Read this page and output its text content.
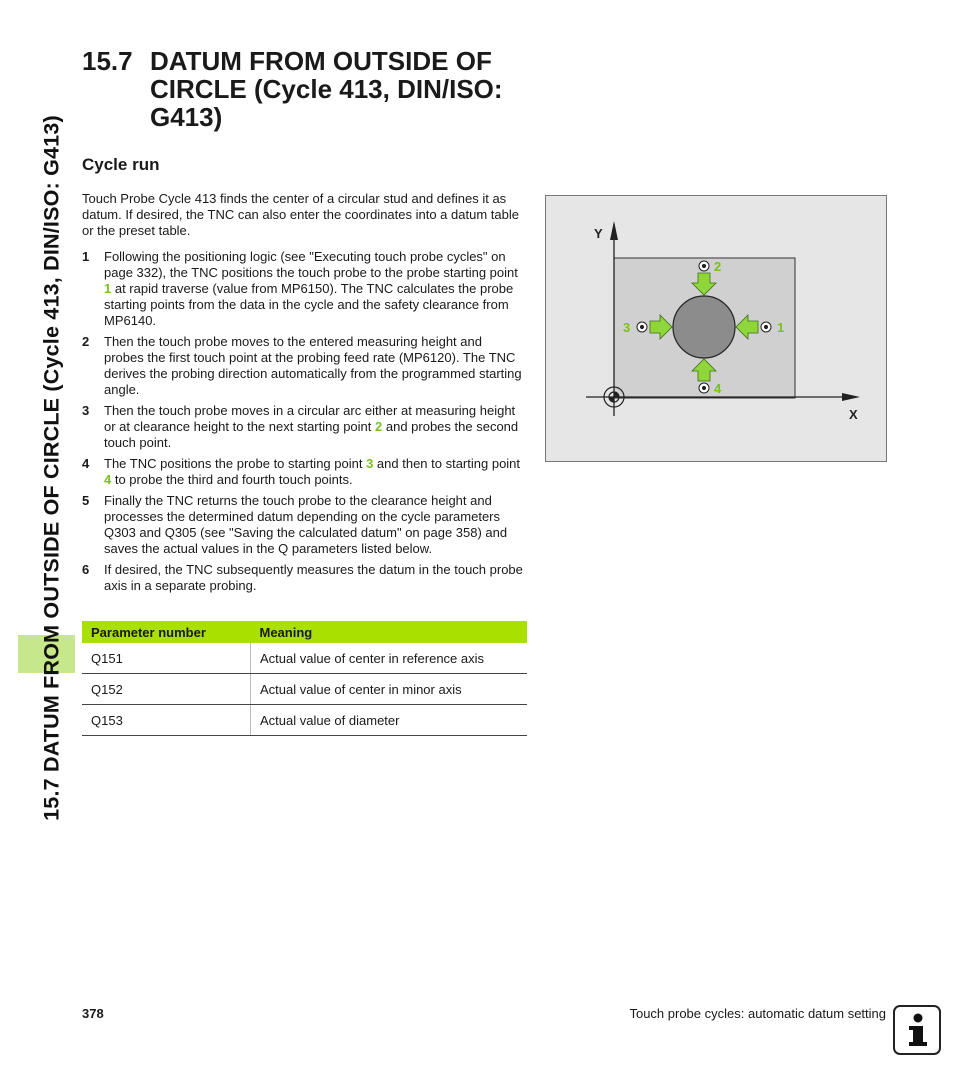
15.7 DATUM FROM OUTSIDE OF CIRCLE (Cycle 413, DIN/ISO: G413)
15.7 DATUM FROM OUTSIDE OF CIRCLE (Cycle 413, DIN/ISO: G413)
Cycle run

Touch Probe Cycle 413 finds the center of a circular stud and defines it as datum. If desired, the TNC can also enter the coordinates into a datum table or the preset table.

1 Following the positioning logic (see "Executing touch probe cycles" on page 332), the TNC positions the touch probe to the probe starting point 1 at rapid traverse (value from MP6150). The TNC calculates the probe starting points from the data in the cycle and the safety clearance from MP6140.
2 Then the touch probe moves to the entered measuring height and probes the first touch point at the probing feed rate (MP6120). The TNC derives the probing direction automatically from the programmed starting angle.
3 Then the touch probe moves in a circular arc either at measuring height or at clearance height to the next starting point 2 and probes the second touch point.
4 The TNC positions the probe to starting point 3 and then to starting point 4 to probe the third and fourth touch points.
5 Finally the TNC returns the touch probe to the clearance height and processes the determined datum depending on the cycle parameters Q303 and Q305 (see "Saving the calculated datum" on page 358) and saves the actual values in the Q parameters listed below.
6 If desired, the TNC subsequently measures the datum in the touch probe axis in a separate probing.
Parameter number	Meaning
Q151	Actual value of center in reference axis
Q152	Actual value of center in minor axis
Q153	Actual value of diameter
Y
X
1
2
3
4
378	Touch probe cycles: automatic datum setting
